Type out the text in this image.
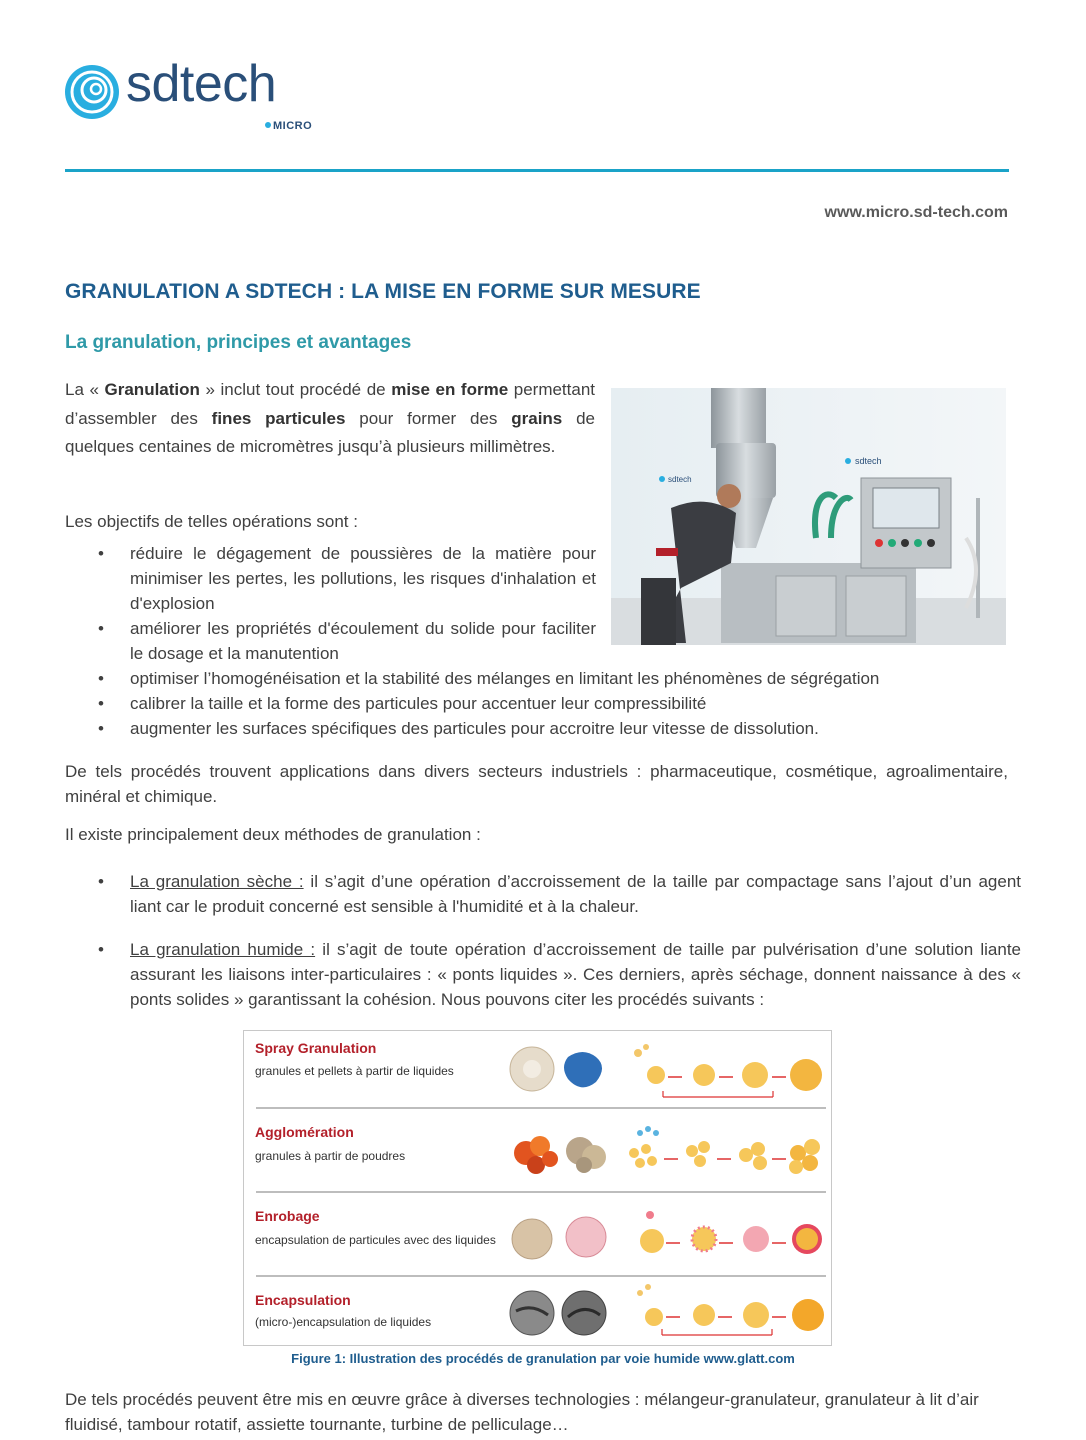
sdtech
MICRO
www.micro.sd-tech.com
GRANULATION A SDTECH : LA MISE EN FORME SUR MESURE
La granulation, principes et avantages
La « Granulation » inclut tout procédé de mise en forme permettant d’assembler des fines particules pour former des grains de quelques centaines de micromètres jusqu’à plusieurs millimètres.
sdtech
sdtech
Les objectifs de telles opérations sont :
• réduire le dégagement de poussières de la matière pour minimiser les pertes, les pollutions, les risques d'inhalation et d'explosion
• améliorer les propriétés d'écoulement du solide pour faciliter le dosage et la manutention
• optimiser l’homogénéisation et la stabilité des mélanges en limitant les phénomènes de ségrégation
• calibrer la taille et la forme des particules pour accentuer leur compressibilité
• augmenter les surfaces spécifiques des particules pour accroitre leur vitesse de dissolution.
De tels procédés trouvent applications dans divers secteurs industriels : pharmaceutique, cosmétique, agroalimentaire, minéral et chimique.
Il existe principalement deux méthodes de granulation :
• La granulation sèche : il s’agit d’une opération d’accroissement de la taille par compactage sans l’ajout d’un agent liant car le produit concerné est sensible à l'humidité et à la chaleur.
• La granulation humide : il s’agit de toute opération d’accroissement de taille par pulvérisation d’une solution liante assurant les liaisons inter-particulaires : « ponts liquides ». Ces derniers, après séchage, donnent naissance à des « ponts solides » garantissant la cohésion. Nous pouvons citer les procédés suivants :
Spray Granulation
granules et pellets à partir de liquides
Agglomération
granules à partir de poudres
Enrobage
encapsulation de particules avec des liquides
Encapsulation
(micro-)encapsulation de liquides
Figure 1: Illustration des procédés de granulation par voie humide www.glatt.com
De tels procédés peuvent être mis en œuvre grâce à diverses technologies : mélangeur-granulateur, granulateur à lit d’air fluidisé, tambour rotatif, assiette tournante, turbine de pelliculage…
